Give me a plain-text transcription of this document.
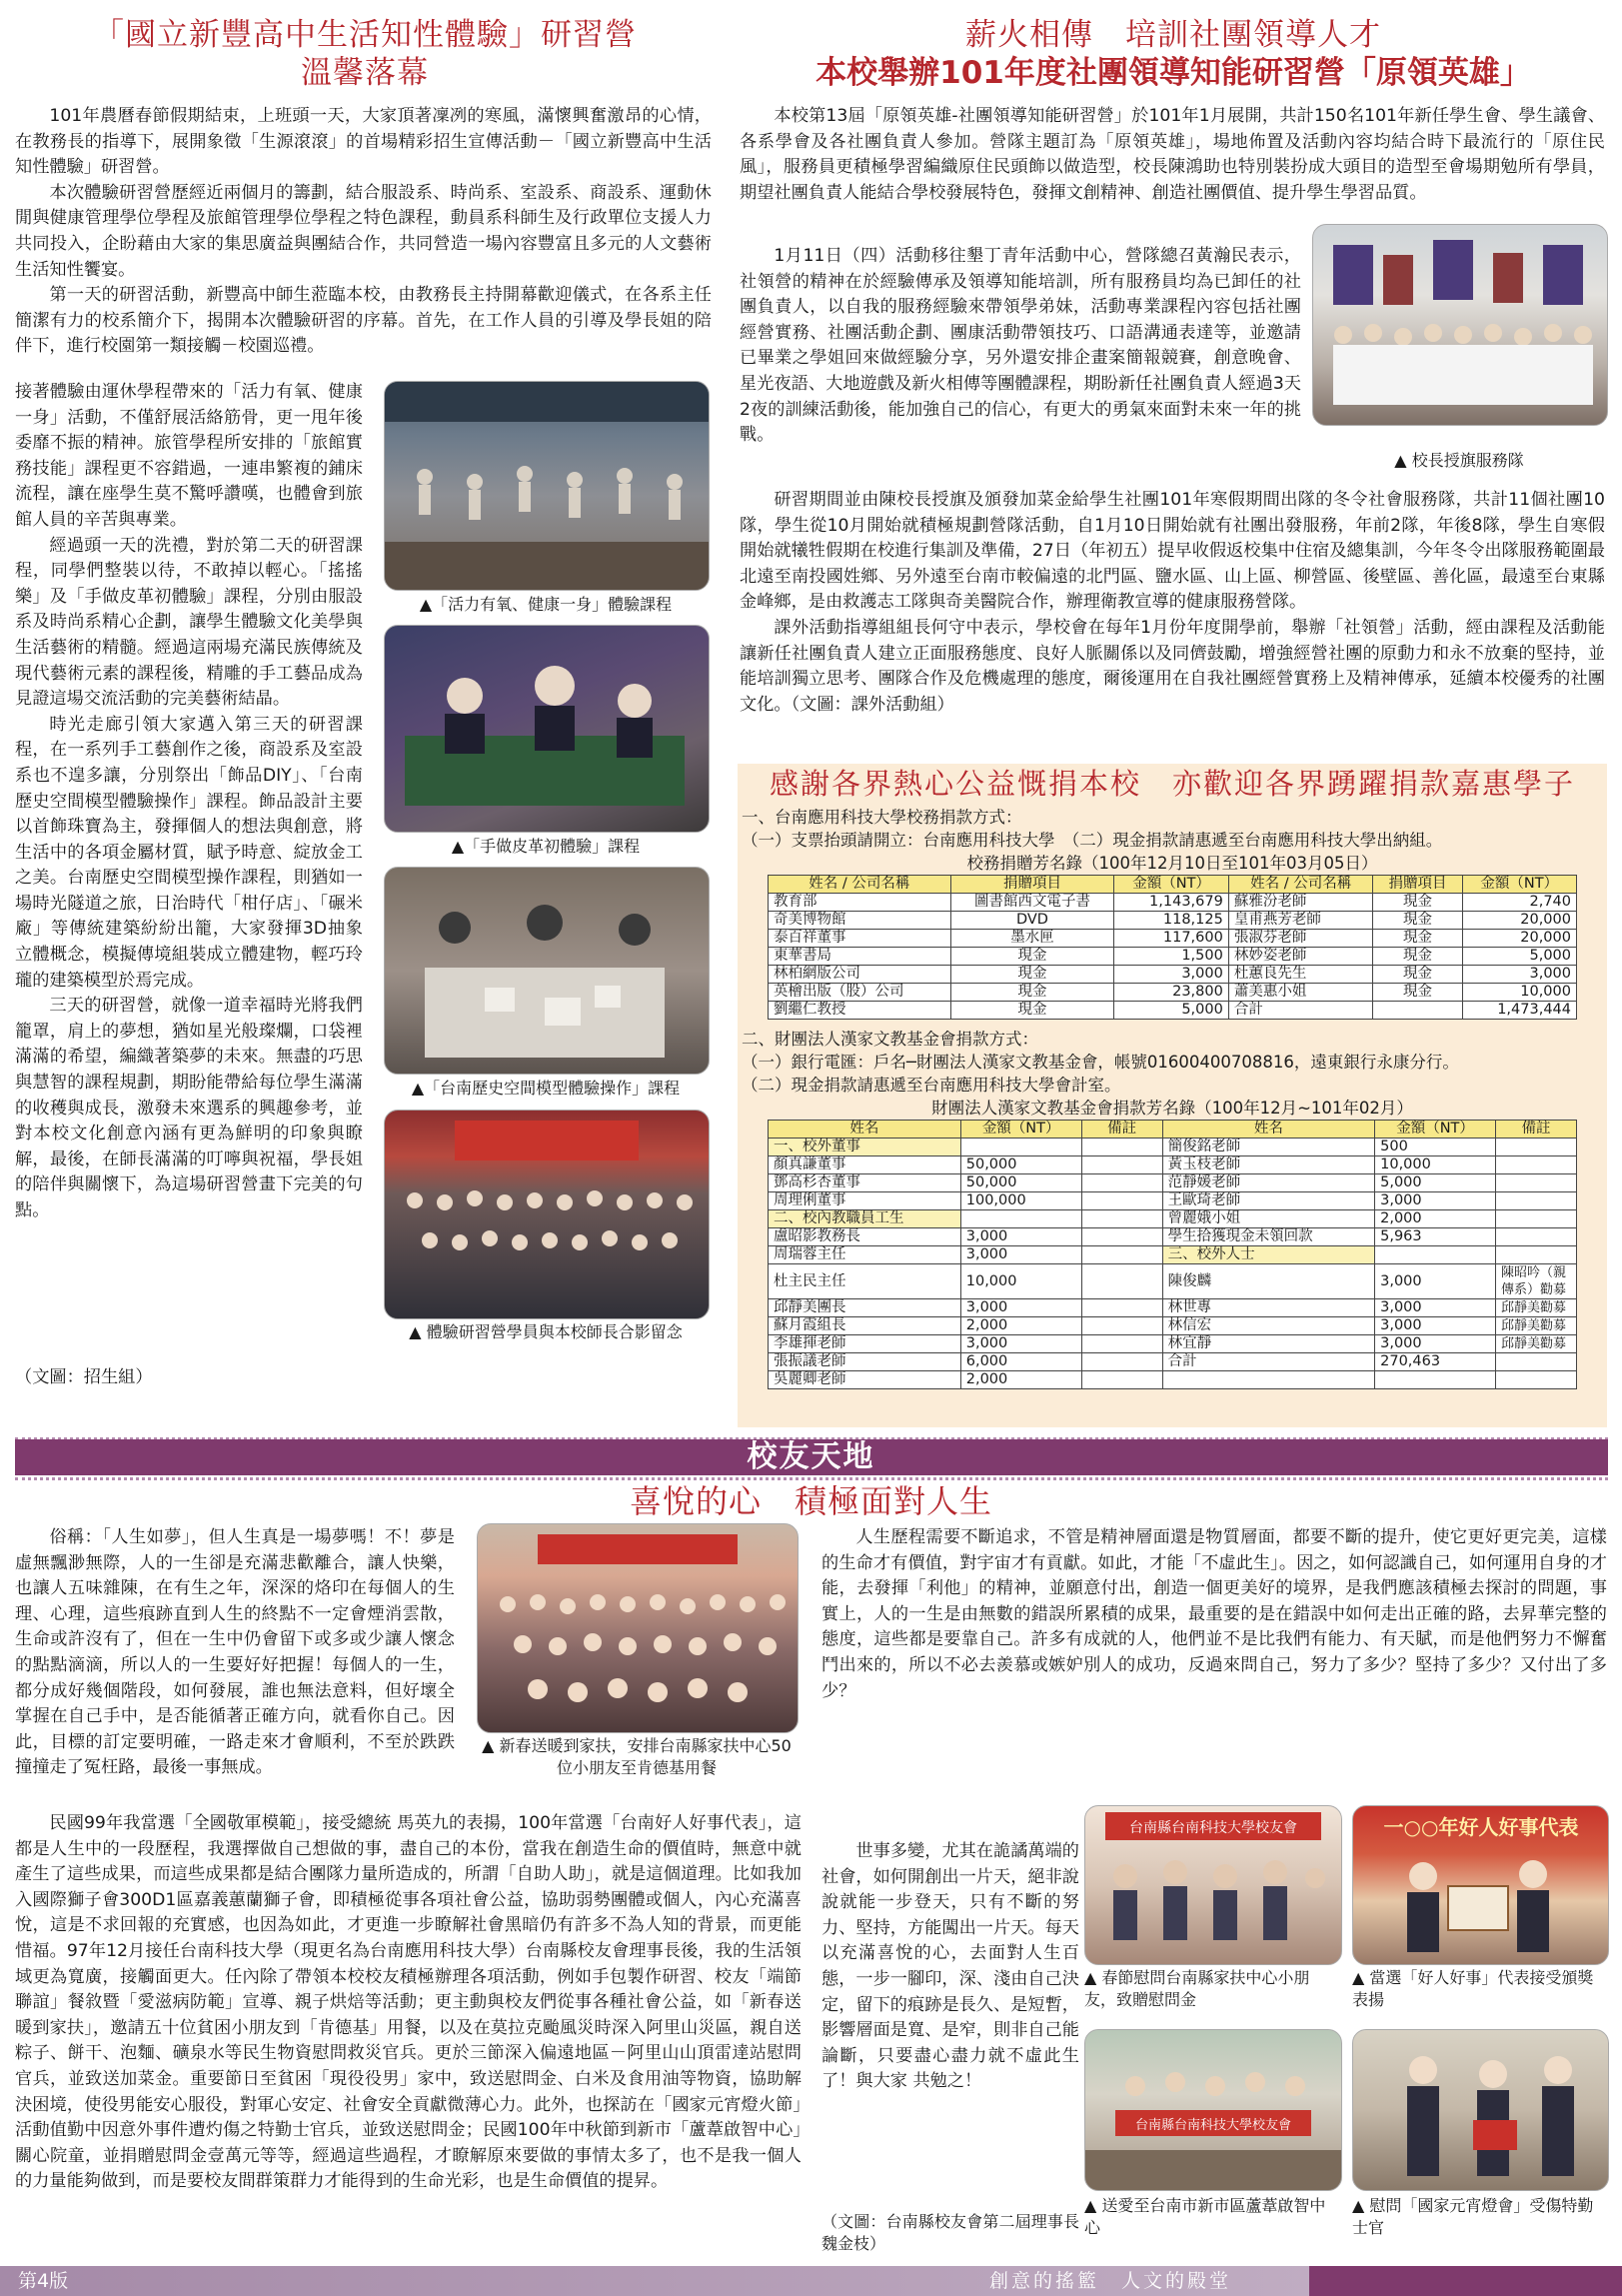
「國立新豐高中生活知性體驗」研習營
溫馨落幕

101年農曆春節假期結束，上班頭一天，大家頂著凜冽的寒風，滿懷興奮激昂的心情，在教務長的指導下，展開象徵「生源滾滾」的首場精彩招生宣傳活動－「國立新豐高中生活知性體驗」研習營。

本次體驗研習營歷經近兩個月的籌劃，結合服設系、時尚系、室設系、商設系、運動休閒與健康管理學位學程及旅館管理學位學程之特色課程，動員系科師生及行政單位支援人力共同投入，企盼藉由大家的集思廣益與團結合作，共同營造一場內容豐富且多元的人文藝術生活知性饗宴。

第一天的研習活動，新豐高中師生蒞臨本校，由教務長主持開幕歡迎儀式，在各系主任簡潔有力的校系簡介下，揭開本次體驗研習的序幕。首先，在工作人員的引導及學長姐的陪伴下，進行校園第一類接觸－校園巡禮。

接著體驗由運休學程帶來的「活力有氧、健康一身」活動，不僅舒展活絡筋骨，更一甩年後委靡不振的精神。旅管學程所安排的「旅館實務技能」課程更不容錯過，一連串繁複的鋪床流程，讓在座學生莫不驚呼讚嘆，也體會到旅館人員的辛苦與專業。

經過頭一天的洗禮，對於第二天的研習課程，同學們整裝以待，不敢掉以輕心。「搖搖樂」及「手做皮革初體驗」課程，分別由服設系及時尚系精心企劃，讓學生體驗文化美學與生活藝術的精髓。經過這兩場充滿民族傳統及現代藝術元素的課程後，精雕的手工藝品成為見證這場交流活動的完美藝術結晶。

時光走廊引領大家邁入第三天的研習課程，在一系列手工藝創作之後，商設系及室設系也不遑多讓，分別祭出「飾品DIY」、「台南歷史空間模型體驗操作」課程。飾品設計主要以首飾珠寶為主，發揮個人的想法與創意，將生活中的各項金屬材質，賦予時意、綻放金工之美。台南歷史空間模型操作課程，則猶如一場時光隧道之旅，日治時代「柑仔店」、「碾米廠」等傳統建築紛紛出籠，大家發揮3D抽象立體概念，模擬傳境組裝成立體建物，輕巧玲瓏的建築模型於焉完成。

三天的研習營，就像一道幸福時光將我們籠罩，肩上的夢想，猶如星光般璨爛，口袋裡滿滿的希望，編織著築夢的未來。無盡的巧思與慧智的課程規劃，期盼能帶給每位學生滿滿的收穫與成長，激發未來選系的興趣參考，並對本校文化創意內涵有更為鮮明的印象與瞭解，最後，在師長滿滿的叮嚀與祝福，學長姐的陪伴與關懷下，為這場研習營畫下完美的句點。

（文圖：招生組）

▲「活力有氧、健康一身」體驗課程
▲「手做皮革初體驗」課程
▲「台南歷史空間模型體驗操作」課程
▲ 體驗研習營學員與本校師長合影留念
薪火相傳　培訓社團領導人才
本校舉辦101年度社團領導知能研習營「原領英雄」

本校第13屆「原領英雄-社團領導知能研習營」於101年1月展開，共計150名101年新任學生會、學生議會、各系學會及各社團負責人參加。營隊主題訂為「原領英雄」，場地佈置及活動內容均結合時下最流行的「原住民風」，服務員更積極學習編織原住民頭飾以做造型，校長陳鴻助也特別裝扮成大頭目的造型至會場期勉所有學員，期望社團負責人能結合學校發展特色，發揮文創精神、創造社團價值、提升學生學習品質。

1月11日（四）活動移往墾丁青年活動中心，營隊總召黃瀚民表示，社領營的精神在於經驗傳承及領導知能培訓，所有服務員均為已卸任的社團負責人，以自我的服務經驗來帶領學弟妹，活動專業課程內容包括社團經營實務、社團活動企劃、團康活動帶領技巧、口語溝通表達等，並邀請已畢業之學姐回來做經驗分享，另外還安排企畫案簡報競賽，創意晚會、星光夜語、大地遊戲及新火相傳等團體課程，期盼新任社團負責人經過3天2夜的訓練活動後，能加強自己的信心，有更大的勇氣來面對未來一年的挑戰。

研習期間並由陳校長授旗及頒發加菜金給學生社團101年寒假期間出隊的冬令社會服務隊，共計11個社團10隊，學生從10月開始就積極規劃營隊活動，自1月10日開始就有社團出發服務，年前2隊，年後8隊，學生自寒假開始就犧牲假期在校進行集訓及準備，27日（年初五）提早收假返校集中住宿及總集訓，今年冬令出隊服務範圍最北遠至南投國姓鄉、另外遠至台南市較偏遠的北門區、鹽水區、山上區、柳營區、後壁區、善化區，最遠至台東縣金峰鄉，是由救護志工隊與奇美醫院合作，辦理衛教宣導的健康服務營隊。

課外活動指導組組長何守中表示，學校會在每年1月份年度開學前，舉辦「社領營」活動，經由課程及活動能讓新任社團負責人建立正面服務態度、良好人脈關係以及同儕鼓勵，增強經營社團的原動力和永不放棄的堅持，並能培訓獨立思考、團隊合作及危機處理的態度，爾後運用在自我社團經營實務上及精神傳承，延續本校優秀的社團文化。（文圖：課外活動組）

▲ 校長授旗服務隊
感謝各界熱心公益慨捐本校　亦歡迎各界踴躍捐款嘉惠學子
一、台南應用科技大學校務捐款方式：
（一）支票抬頭請開立：台南應用科技大學　（二）現金捐款請惠遞至台南應用科技大學出納組。
校務捐贈芳名錄（100年12月10日至101年03月05日）
姓名 / 公司名稱	捐贈項目	金額（NT）	姓名 / 公司名稱	捐贈項目	金額（NT）
教育部	圖書館西文電子書	1,143,679	蘇雅汾老師	現金	2,740
奇美博物館	DVD	118,125	皇甫燕芳老師	現金	20,000
泰百祥董事	墨水匣	117,600	張淑芬老師	現金	20,000
東華書局	現金	1,500	林妙姿老師	現金	5,000
林柏網版公司	現金	3,000	杜蕙良先生	現金	3,000
英檜出版（股）公司	現金	23,800	蕭美惠小姐	現金	10,000
劉繼仁教授	現金	5,000	合計		1,473,444
二、財團法人漢家文教基金會捐款方式：
（一）銀行電匯：戶名─財團法人漢家文教基金會，帳號01600400708816，遠東銀行永康分行。
（二）現金捐款請惠遞至台南應用科技大學會計室。
財團法人漢家文教基金會捐款芳名錄（100年12月~101年02月）
姓名	金額（NT）	備註	姓名	金額（NT）	備註
一、校外董事			簡俊銘老師	500	
顏真謙董事	50,000		黃玉枝老師	10,000	
鄧高杉杏董事	50,000		范靜媛老師	5,000	
周理俐董事	100,000		王歐琦老師	3,000	
二、校內教職員工生			曾麗娥小姐	2,000	
盧昭影教務長	3,000		學生拾獲現金未領回款	5,963	
周瑞蓉主任	3,000		三、校外人士		
杜主民主任	10,000		陳俊麟	3,000	陳昭吟（親傳系）勸募
邱靜美團長	3,000		林世專	3,000	邱靜美勸募
蘇月霞組長	2,000		林信宏	3,000	邱靜美勸募
李雄揮老師	3,000		林宜靜	3,000	邱靜美勸募
張振議老師	6,000		合計	270,463	
吳麗卿老師	2,000				
校友天地
喜悅的心　積極面對人生

俗稱：「人生如夢」，但人生真是一場夢嗎！不！夢是虛無飄渺無際，人的一生卻是充滿悲歡離合，讓人快樂，也讓人五味雜陳，在有生之年，深深的烙印在每個人的生理、心理，這些痕跡直到人生的終點不一定會煙消雲散，生命或許沒有了，但在一生中仍會留下或多或少讓人懷念的點點滴滴，所以人的一生要好好把握！每個人的一生，都分成好幾個階段，如何發展，誰也無法意料，但好壞全掌握在自己手中，是否能循著正確方向，就看你自己。因此，目標的訂定要明確，一路走來才會順利，不至於跌跌撞撞走了冤枉路，最後一事無成。

民國99年我當選「全國敬軍模範」，接受總統 馬英九的表揚，100年當選「台南好人好事代表」，這都是人生中的一段歷程，我選擇做自己想做的事，盡自己的本份，當我在創造生命的價值時，無意中就產生了這些成果，而這些成果都是結合團隊力量所造成的，所謂「自助人助」，就是這個道理。比如我加入國際獅子會300D1區嘉義蕙蘭獅子會，即積極從事各項社會公益，協助弱勢團體或個人，內心充滿喜悅，這是不求回報的充實感，也因為如此，才更進一步瞭解社會黑暗仍有許多不為人知的背景，而更能惜福。97年12月接任台南科技大學（現更名為台南應用科技大學）台南縣校友會理事長後，我的生活領域更為寬廣，接觸面更大。任內除了帶領本校校友積極辦理各項活動，例如手包製作研習、校友「端節聯誼」餐敘暨「愛滋病防範」宣導、親子烘焙等活動；更主動與校友們從事各種社會公益，如「新春送暖到家扶」，邀請五十位貧困小朋友到「肯德基」用餐，以及在莫拉克颱風災時深入阿里山災區，親自送粽子、餅干、泡麵、礦泉水等民生物資慰問救災官兵。更於三節深入偏遠地區－阿里山山頂雷達站慰問官兵，並致送加菜金。重要節日至貧困「現役役男」家中，致送慰問金、白米及食用油等物資，協助解決困境，使役男能安心服役，對軍心安定、社會安全貢獻微薄心力。此外，也探訪在「國家元宵燈火節」活動值勤中因意外事件遭灼傷之特勤士官兵，並致送慰問金；民國100年中秋節到新市「蘆葦啟智中心」關心院童，並捐贈慰問金壹萬元等等，經過這些過程，才瞭解原來要做的事情太多了，也不是我一個人的力量能夠做到，而是要校友間群策群力才能得到的生命光彩，也是生命價值的提昇。

人生歷程需要不斷追求，不管是精神層面還是物質層面，都要不斷的提升，使它更好更完美，這樣的生命才有價值，對宇宙才有貢獻。如此，才能「不虛此生」。因之，如何認識自己，如何運用自身的才能，去發揮「利他」的精神，並願意付出，創造一個更美好的境界，是我們應該積極去探討的問題，事實上，人的一生是由無數的錯誤所累積的成果，最重要的是在錯誤中如何走出正確的路，去昇華完整的態度，這些都是要靠自己。許多有成就的人，他們並不是比我們有能力、有天賦，而是他們努力不懈奮鬥出來的，所以不必去羨慕或嫉妒別人的成功，反過來問自己，努力了多少？堅持了多少？又付出了多少？

世事多變，尤其在詭譎萬端的社會，如何開創出一片天，絕非說說就能一步登天，只有不斷的努力、堅持，方能闖出一片天。每天以充滿喜悅的心，去面對人生百態，一步一腳印，深、淺由自己決定，留下的痕跡是長久、是短暫，影響層面是寬、是窄，則非自己能論斷，只要盡心盡力就不虛此生了！與大家 共勉之！

（文圖：台南縣校友會第二屆理事長魏金枝）

▲ 新春送暖到家扶，安排台南縣家扶中心50位小朋友至肯德基用餐
台南縣台南科技大學校友會
▲ 春節慰問台南縣家扶中心小朋友，致贈慰問金
一○○年好人好事代表
▲ 當選「好人好事」代表接受頒獎表揚
台南縣台南科技大學校友會
▲ 送愛至台南市新市區蘆葦啟智中心
▲ 慰問「國家元宵燈會」受傷特勤士官
第4版	創意的搖籃　人文的殿堂
